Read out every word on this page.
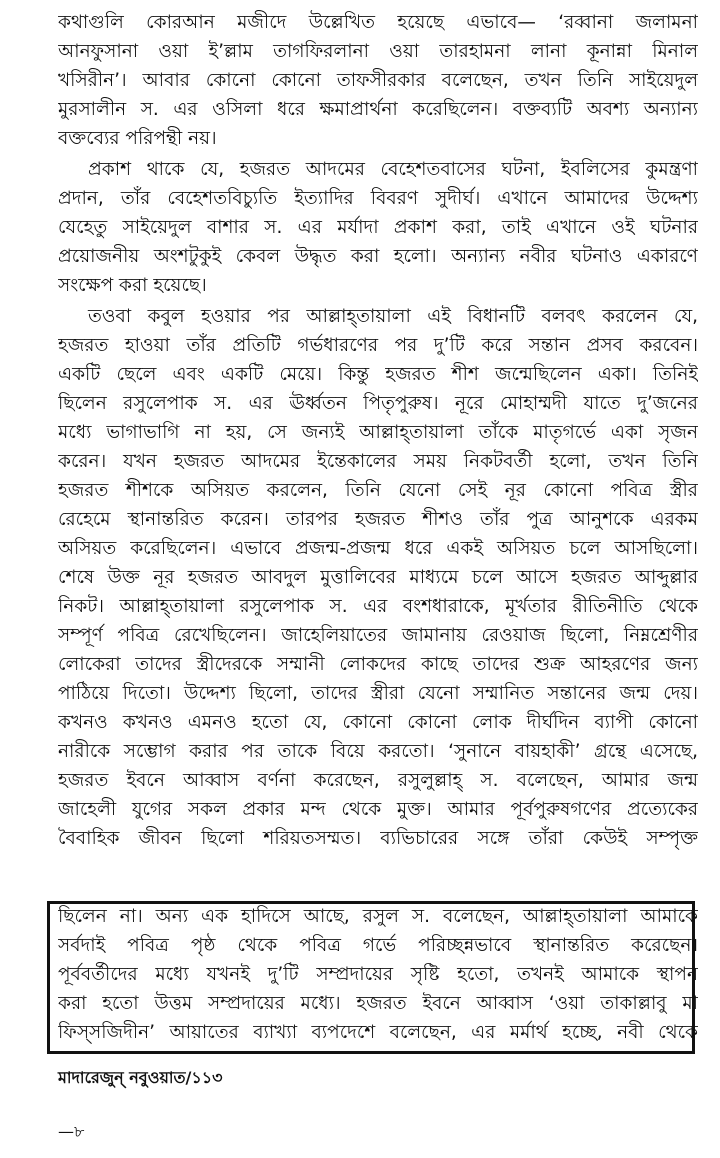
কথাগুলি কোরআন মজীদে উল্লেখিত হয়েছে এভাবে— ‘রব্বানা জলামনা
আনফুসানা ওয়া ই’ল্লাম তাগফিরলানা ওয়া তারহামনা লানা কূনান্না মিনাল
খসিরীন’। আবার কোনো কোনো তাফসীরকার বলেছেন, তখন তিনি সাইয়েদুল
মুরসালীন স. এর ওসিলা ধরে ক্ষমাপ্রার্থনা করেছিলেন। বক্তব্যটি অবশ্য অন্যান্য
বক্তব্যের পরিপন্থী নয়।
প্রকাশ থাকে যে, হজরত আদমের বেহেশতবাসের ঘটনা, ইবলিসের কুমন্ত্রণা
প্রদান, তাঁর বেহেশতবিচ্যুতি ইত্যাদির বিবরণ সুদীর্ঘ। এখানে আমাদের উদ্দেশ্য
যেহেতু সাইয়েদুল বাশার স. এর মর্যাদা প্রকাশ করা, তাই এখানে ওই ঘটনার
প্রয়োজনীয় অংশটুকুই কেবল উদ্ধৃত করা হলো। অন্যান্য নবীর ঘটনাও একারণে
সংক্ষেপ করা হয়েছে।
তওবা কবুল হওয়ার পর আল্লাহ্তায়ালা এই বিধানটি বলবৎ করলেন যে,
হজরত হাওয়া তাঁর প্রতিটি গর্ভধারণের পর দু’টি করে সন্তান প্রসব করবেন।
একটি ছেলে এবং একটি মেয়ে। কিন্তু হজরত শীশ জন্মেছিলেন একা। তিনিই
ছিলেন রসুলেপাক স. এর ঊর্ধ্বতন পিতৃপুরুষ। নূরে মোহাম্মদী যাতে দু’জনের
মধ্যে ভাগাভাগি না হয়, সে জন্যই আল্লাহ্তায়ালা তাঁকে মাতৃগর্ভে একা সৃজন
করেন। যখন হজরত আদমের ইন্তেকালের সময় নিকটবর্তী হলো, তখন তিনি
হজরত শীশকে অসিয়ত করলেন, তিনি যেনো সেই নূর কোনো পবিত্র স্ত্রীর
রেহেমে স্থানান্তরিত করেন। তারপর হজরত শীশও তাঁর পুত্র আনুশকে এরকম
অসিয়ত করেছিলেন। এভাবে প্রজন্ম-প্রজন্ম ধরে একই অসিয়ত চলে আসছিলো।
শেষে উক্ত নূর হজরত আবদুল মুত্তালিবের মাধ্যমে চলে আসে হজরত আব্দুল্লার
নিকট। আল্লাহ্তায়ালা রসুলেপাক স. এর বংশধারাকে, মূর্খতার রীতিনীতি থেকে
সম্পূর্ণ পবিত্র রেখেছিলেন। জাহেলিয়াতের জামানায় রেওয়াজ ছিলো, নিম্নশ্রেণীর
লোকেরা তাদের স্ত্রীদেরকে সম্মানী লোকদের কাছে তাদের শুক্র আহরণের জন্য
পাঠিয়ে দিতো। উদ্দেশ্য ছিলো, তাদের স্ত্রীরা যেনো সম্মানিত সন্তানের জন্ম দেয়।
কখনও কখনও এমনও হতো যে, কোনো কোনো লোক দীর্ঘদিন ব্যাপী কোনো
নারীকে সম্ভোগ করার পর তাকে বিয়ে করতো। ‘সুনানে বায়হাকী’ গ্রন্থে এসেছে,
হজরত ইবনে আব্বাস বর্ণনা করেছেন, রসুলুল্লাহ্ স. বলেছেন, আমার জন্ম
জাহেলী যুগের সকল প্রকার মন্দ থেকে মুক্ত। আমার পূর্বপুরুষগণের প্রত্যেকের
বৈবাহিক জীবন ছিলো শরিয়তসম্মত। ব্যভিচারের সঙ্গে তাঁরা কেউই সম্পৃক্ত
ছিলেন না। অন্য এক হাদিসে আছে, রসুল স. বলেছেন, আল্লাহ্তায়ালা আমাকে
সর্বদাই পবিত্র পৃষ্ঠ থেকে পবিত্র গর্ভে পরিচ্ছন্নভাবে স্থানান্তরিত করেছেন।
পূর্ববর্তীদের মধ্যে যখনই দু’টি সম্প্রদায়ের সৃষ্টি হতো, তখনই আমাকে স্থাপন
করা হতো উত্তম সম্প্রদায়ের মধ্যে। হজরত ইবনে আব্বাস ‘ওয়া তাকাল্লাবু মা
ফিস্সজিদীন’ আয়াতের ব্যাখ্যা ব্যপদেশে বলেছেন, এর মর্মার্থ হচ্ছে, নবী থেকে
মাদারেজুন্ নবুওয়াত/১১৩
—৮
